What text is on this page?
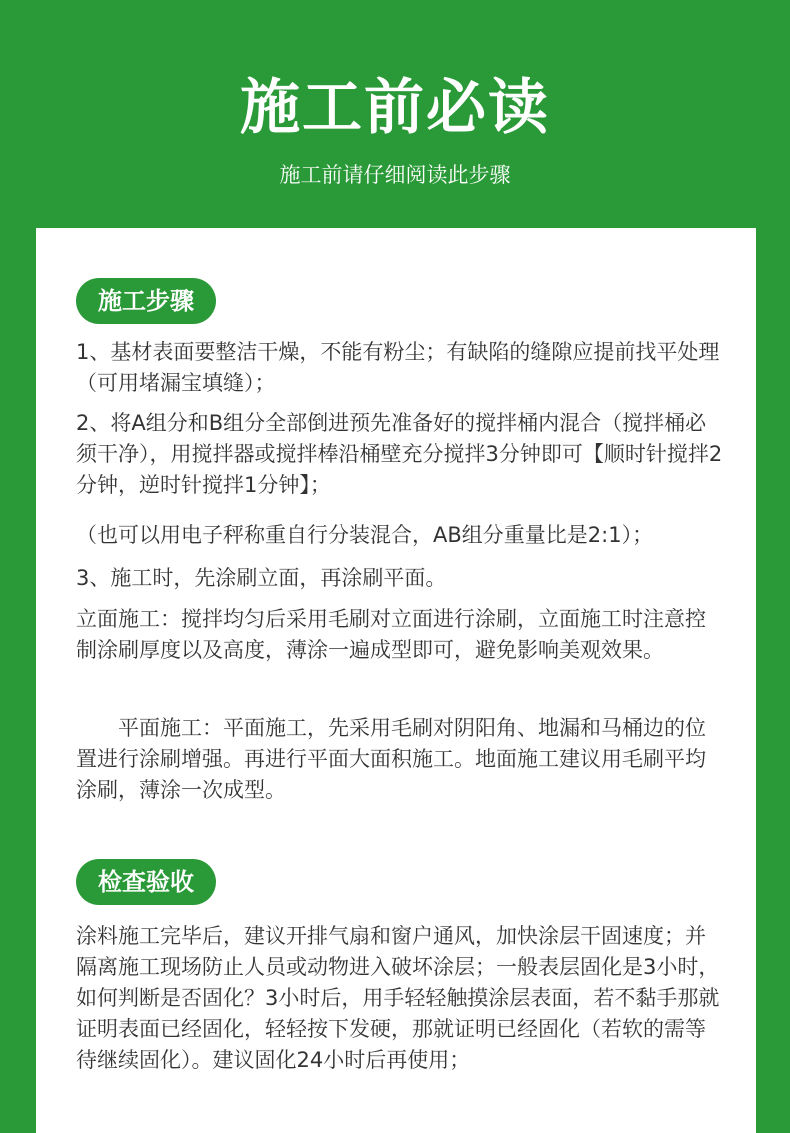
施工前必读
施工前请仔细阅读此步骤
施工步骤
1、基材表面要整洁干燥，不能有粉尘；有缺陷的缝隙应提前找平处理（可用堵漏宝填缝）；
2、将A组分和B组分全部倒进预先准备好的搅拌桶内混合（搅拌桶必须干净），用搅拌器或搅拌棒沿桶壁充分搅拌3分钟即可【顺时针搅拌2分钟，逆时针搅拌1分钟】；
（也可以用电子秤称重自行分装混合，AB组分重量比是2:1）；
3、施工时，先涂刷立面，再涂刷平面。
立面施工：搅拌均匀后采用毛刷对立面进行涂刷，立面施工时注意控制涂刷厚度以及高度，薄涂一遍成型即可，避免影响美观效果。
平面施工：平面施工，先采用毛刷对阴阳角、地漏和马桶边的位置进行涂刷增强。再进行平面大面积施工。地面施工建议用毛刷平均涂刷，薄涂一次成型。
检查验收
涂料施工完毕后，建议开排气扇和窗户通风，加快涂层干固速度；并隔离施工现场防止人员或动物进入破坏涂层；一般表层固化是3小时，如何判断是否固化？3小时后，用手轻轻触摸涂层表面，若不黏手那就证明表面已经固化，轻轻按下发硬，那就证明已经固化（若软的需等待继续固化）。建议固化24小时后再使用；
